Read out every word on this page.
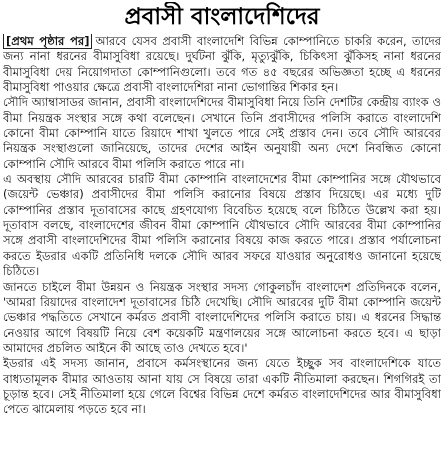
প্রবাসী বাংলাদেশিদের

[প্রথম পৃষ্ঠার পর] আরবে যেসব প্রবাসী বাংলাদেশি বিভিন্ন কোম্পানিতে চাকরি করেন, তাদের জন্য নানা ধরনের বীমাসুবিধা রয়েছে। দুর্ঘটনা ঝুঁকি, মৃত্যুঝুঁকি, চিকিৎসা ঝুঁকিসহ নানা ধরনের বীমাসুবিধা দেয় নিয়োগদাতা কোম্পানিগুলো। তবে গত ৪৫ বছরের অভিজ্ঞতা হচ্ছে এ ধরনের বীমাসুবিধা পাওয়ার ক্ষেত্রে প্রবাসী বাংলাদেশিরা নানা ভোগান্তির শিকার হন।

সৌদি অ্যাম্বাসাডর জানান, প্রবাসী বাংলাদেশিদের বীমাসুবিধা নিয়ে তিনি দেশটির কেন্দ্রীয় ব্যাংক ও বীমা নিয়ন্ত্রক সংস্থার সঙ্গে কথা বলেছেন। সেখানে তিনি প্রবাসীদের পলিসি করাতে বাংলাদেশি কোনো বীমা কোম্পানি যাতে রিয়াদে শাখা খুলতে পারে সেই প্রস্তাব দেন। তবে সৌদি আরবের নিয়ন্ত্রক সংস্থাগুলো জানিয়েছে, তাদের দেশের আইন অনুযায়ী অন্য দেশে নিবন্ধিত কোনো কোম্পানি সৌদি আরবে বীমা পলিসি করাতে পারে না।

এ অবস্থায় সৌদি আরবের চারটি বীমা কোম্পানি বাংলাদেশের বীমা কোম্পানির সঙ্গে যৌথভাবে (জয়েন্ট ভেঞ্চার) প্রবাসীদের বীমা পলিসি করানোর বিষয়ে প্রস্তাব দিয়েছে। এর মধ্যে দুটি কোম্পানির প্রস্তাব দূতাবাসের কাছে গ্রহণযোগ্য বিবেচিত হয়েছে বলে চিঠিতে উল্লেখ করা হয়। দূতাবাস বলছে, বাংলাদেশের জীবন বীমা কোম্পানি যৌথভাবে সৌদি আরবের বীমা কোম্পানির সঙ্গে প্রবাসী বাংলাদেশিদের বীমা পলিসি করানোর বিষয়ে কাজ করতে পারে। প্রস্তাব পর্যালোচনা করতে ইডরার একটি প্রতিনিধি দলকে সৌদি আরব সফরে যাওয়ার অনুরোধও জানানো হয়েছে চিঠিতে।

জানতে চাইলে বীমা উন্নয়ন ও নিয়ন্ত্রক সংস্থার সদস্য গোকুলচাঁদ বাংলাদেশ প্রতিদিনকে বলেন, 'আমরা রিয়াদের বাংলাদেশ দূতাবাসের চিঠি দেখেছি। সৌদি আরবের দুটি বীমা কোম্পানি জয়েন্ট ভেঞ্চার পদ্ধতিতে সেখানে কর্মরত প্রবাসী বাংলাদেশিদের পলিসি করাতে চায়। এ ধরনের সিদ্ধান্ত নেওয়ার আগে বিষয়টি নিয়ে বেশ কয়েকটি মন্ত্রণালয়ের সঙ্গে আলোচনা করতে হবে। এ ছাড়া আমাদের প্রচলিত আইনে কী আছে তাও দেখতে হবে।'

ইডরার এই সদস্য জানান, প্রবাসে কর্মসংস্থানের জন্য যেতে ইচ্ছুক সব বাংলাদেশিকে যাতে বাধ্যতামূলক বীমার আওতায় আনা যায় সে বিষয়ে তারা একটি নীতিমালা করছেন। শিগগিরই তা চূড়ান্ত হবে। সেই নীতিমালা হয়ে গেলে বিশ্বের বিভিন্ন দেশে কর্মরত বাংলাদেশিদের আর বীমাসুবিধা পেতে ঝামেলায় পড়তে হবে না।
